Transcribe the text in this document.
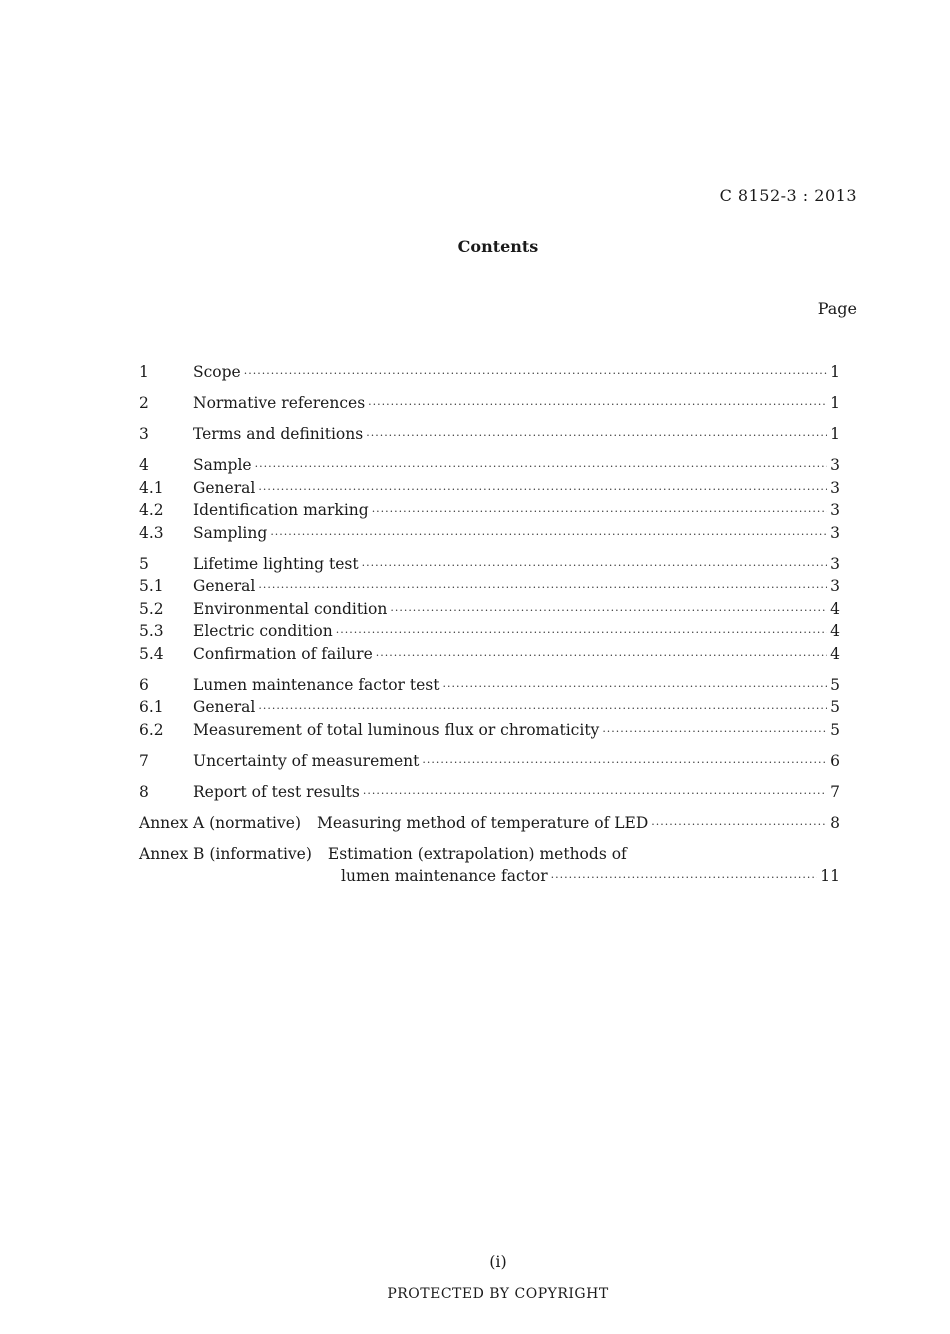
C 8152-3 : 2013
Contents
Page
1	Scope ·····	1
2	Normative references ·····	1
3	Terms and definitions ·····	1
4	Sample ·····	3
4.1	General ·····	3
4.2	Identification marking ·····	3
4.3	Sampling ·····	3
5	Lifetime lighting test ·····	3
5.1	General ·····	3
5.2	Environmental condition ·····	4
5.3	Electric condition ·····	4
5.4	Confirmation of failure ·····	4
6	Lumen maintenance factor test ·····	5
6.1	General ·····	5
6.2	Measurement of total luminous flux or chromaticity ·····	5
7	Uncertainty of measurement ·····	6
8	Report of test results ·····	7
Annex A (normative) Measuring method of temperature of LED ·····	8
Annex B (informative) Estimation (extrapolation) methods of
lumen maintenance factor ·····	11
(i)
PROTECTED BY COPYRIGHT
